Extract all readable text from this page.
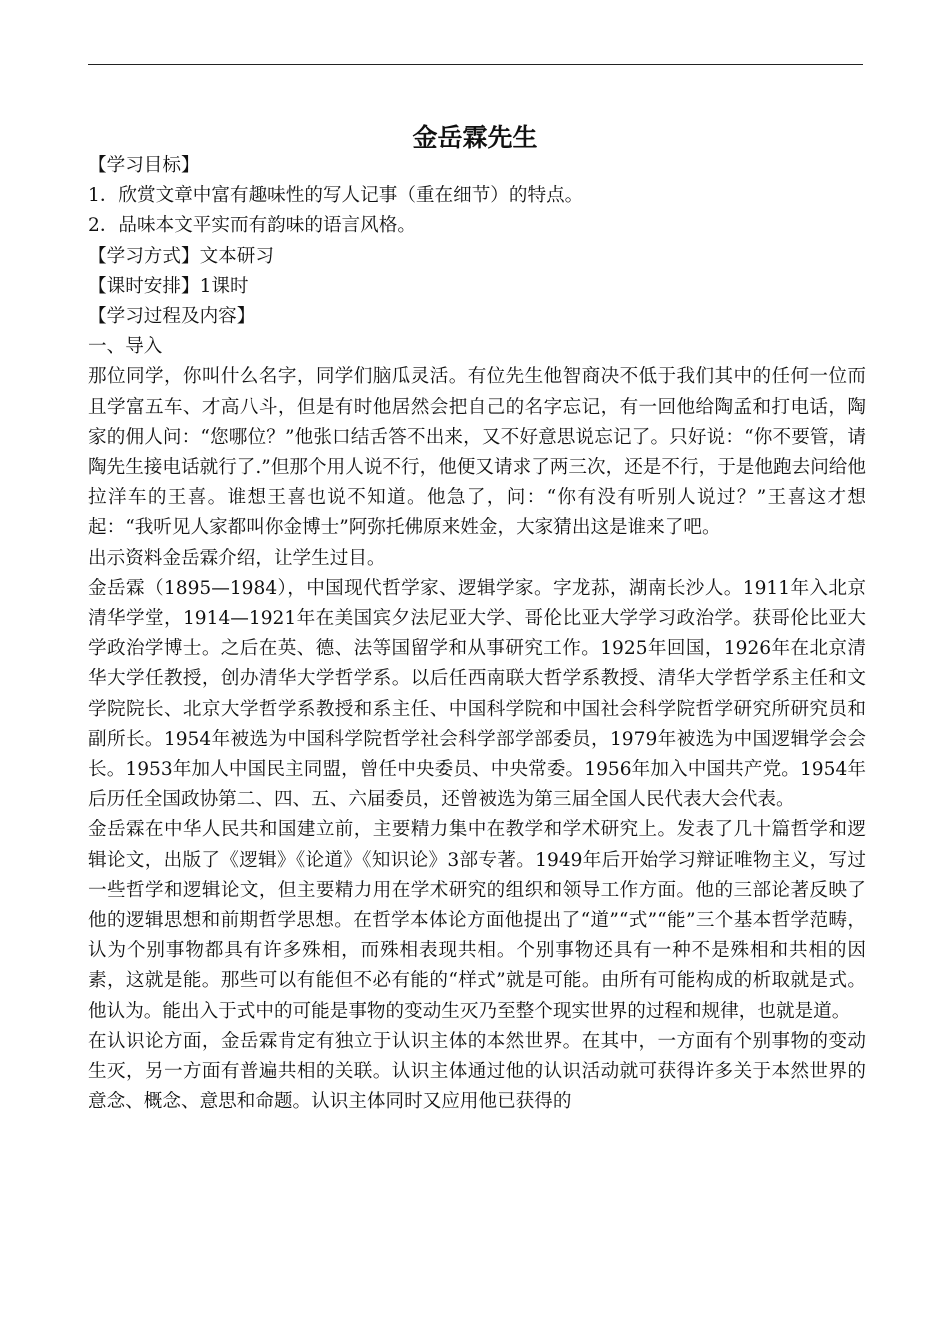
金岳霖先生

【学习目标】

1．欣赏文章中富有趣味性的写人记事（重在细节）的特点。

2．品味本文平实而有韵味的语言风格。

【学习方式】文本研习

【课时安排】1课时

【学习过程及内容】

一、导入

那位同学，你叫什么名字，同学们脑瓜灵活。有位先生他智商决不低于我们其中的任何一位而且学富五车、才高八斗，但是有时他居然会把自己的名字忘记，有一回他给陶孟和打电话，陶家的佣人问：“您哪位？”他张口结舌答不出来，又不好意思说忘记了。只好说：“你不要管，请陶先生接电话就行了.”但那个用人说不行，他便又请求了两三次，还是不行，于是他跑去问给他拉洋车的王喜。谁想王喜也说不知道。他急了，问：“你有没有听别人说过？”王喜这才想起：“我听见人家都叫你金博士”阿弥托佛原来姓金，大家猜出这是谁来了吧。

出示资料金岳霖介绍，让学生过目。

金岳霖（1895—1984），中国现代哲学家、逻辑学家。字龙荪，湖南长沙人。1911年入北京清华学堂，1914—1921年在美国宾夕法尼亚大学、哥伦比亚大学学习政治学。获哥伦比亚大学政治学博士。之后在英、德、法等国留学和从事研究工作。1925年回国，1926年在北京清华大学任教授，创办清华大学哲学系。以后任西南联大哲学系教授、清华大学哲学系主任和文学院院长、北京大学哲学系教授和系主任、中国科学院和中国社会科学院哲学研究所研究员和副所长。1954年被选为中国科学院哲学社会科学部学部委员，1979年被选为中国逻辑学会会长。1953年加人中国民主同盟，曾任中央委员、中央常委。1956年加入中国共产党。1954年后历任全国政协第二、四、五、六届委员，还曾被选为第三届全国人民代表大会代表。

金岳霖在中华人民共和国建立前，主要精力集中在教学和学术研究上。发表了几十篇哲学和逻辑论文，出版了《逻辑》《论道》《知识论》3部专著。1949年后开始学习辩证唯物主义，写过一些哲学和逻辑论文，但主要精力用在学术研究的组织和领导工作方面。他的三部论著反映了他的逻辑思想和前期哲学思想。在哲学本体论方面他提出了“道”“式”“能”三个基本哲学范畴，认为个别事物都具有许多殊相，而殊相表现共相。个别事物还具有一种不是殊相和共相的因素，这就是能。那些可以有能但不必有能的“样式”就是可能。由所有可能构成的析取就是式。他认为。能出入于式中的可能是事物的变动生灭乃至整个现实世界的过程和规律，也就是道。

在认识论方面，金岳霖肯定有独立于认识主体的本然世界。在其中，一方面有个别事物的变动生灭，另一方面有普遍共相的关联。认识主体通过他的认识活动就可获得许多关于本然世界的意念、概念、意思和命题。认识主体同时又应用他已获得的
